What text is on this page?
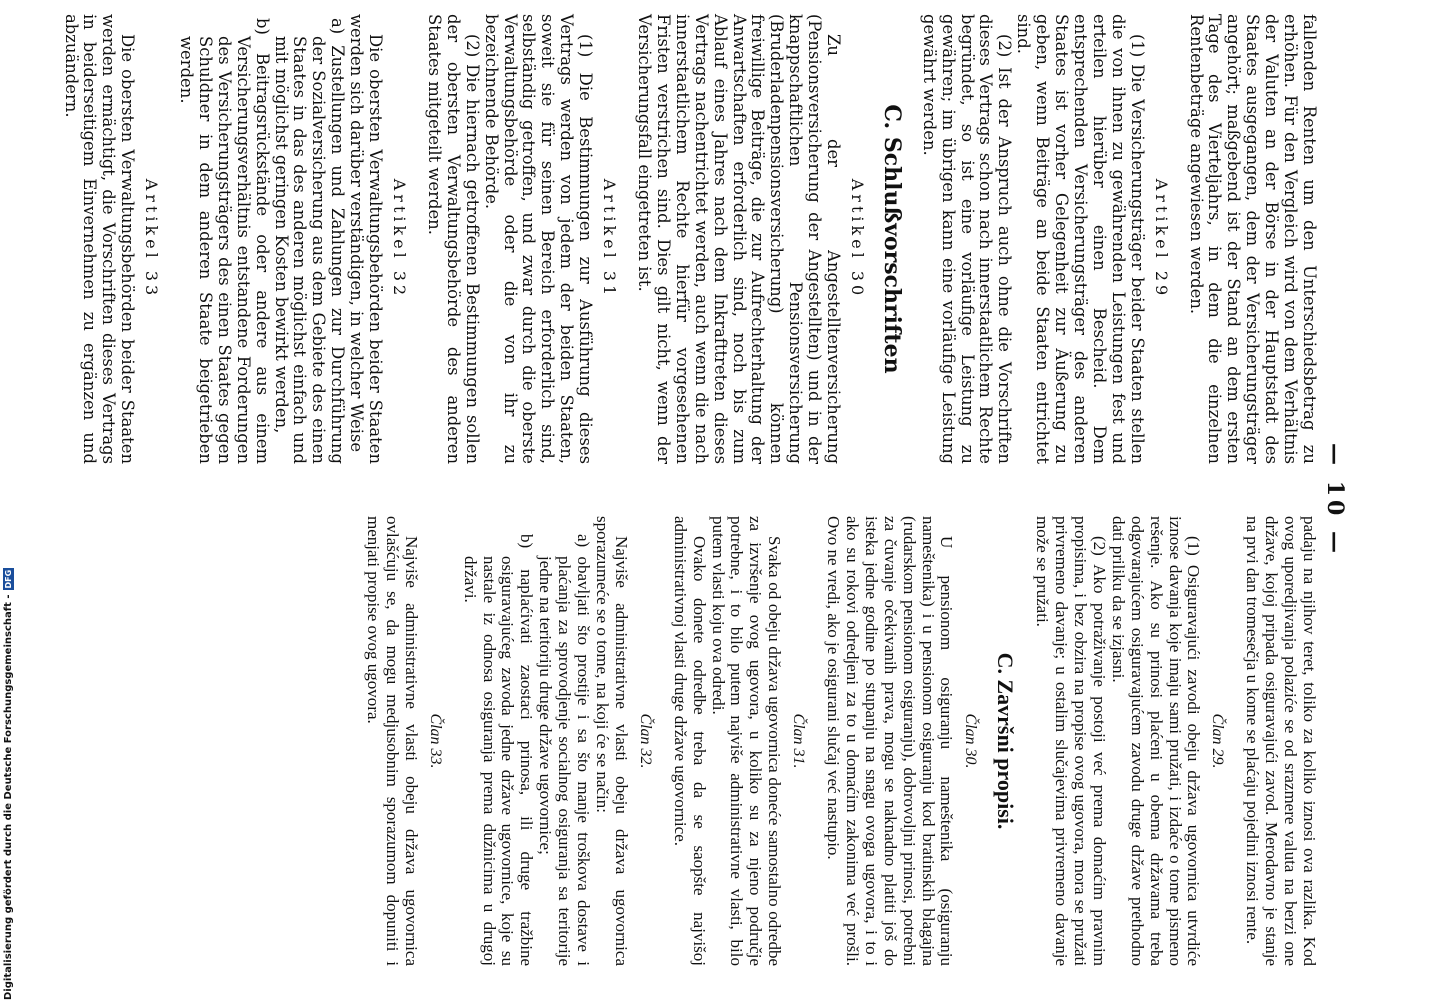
— 10 —

fallenden Renten um den Unterschiedsbetrag zu erhöhen. Für den Vergleich wird von dem Verhältnis der Valuten an der Börse in der Hauptstadt des Staates ausgegangen, dem der Versicherungsträger angehört; maßgebend ist der Stand an dem ersten Tage des Vierteljahrs, in dem die einzelnen Rentenbeträge angewiesen werden.

Artikel 29

(1) Die Versicherungsträger beider Staaten stellen die von ihnen zu gewährenden Leistungen fest und erteilen hierüber einen Bescheid. Dem entsprechenden Versicherungsträger des anderen Staates ist vorher Gelegenheit zur Äußerung zu geben, wenn Beiträge an beide Staaten entrichtet sind.

(2) Ist der Anspruch auch ohne die Vorschriften dieses Vertrags schon nach innerstaatlichem Rechte begründet, so ist eine vorläufige Leistung zu gewähren; im übrigen kann eine vorläufige Leistung gewährt werden.

C. Schlußvorschriften
Artikel 30

Zu der Angestelltenversicherung (Pensionsversicherung der Angestellten) und in der knappschaftlichen Pensionsversicherung (Bruderladenpensionsversicherung) können freiwillige Beiträge, die zur Aufrechterhaltung der Anwartschaften erforderlich sind, noch bis zum Ablauf eines Jahres nach dem Inkrafttreten dieses Vertrags nachentrichtet werden, auch wenn die nach innerstaatlichem Rechte hierfür vorgesehenen Fristen verstrichen sind. Dies gilt nicht, wenn der Versicherungsfall eingetreten ist.

Artikel 31

(1) Die Bestimmungen zur Ausführung dieses Vertrags werden von jedem der beiden Staaten, soweit sie für seinen Bereich erforderlich sind, selbständig getroffen, und zwar durch die oberste Verwaltungsbehörde oder die von ihr zu bezeichnende Behörde.

(2) Die hiernach getroffenen Bestimmungen sollen der obersten Verwaltungsbehörde des anderen Staates mitgeteilt werden.

Artikel 32

Die obersten Verwaltungsbehörden beider Staaten werden sich darüber verständigen, in welcher Weise

a) Zustellungen und Zahlungen zur Durchführung der Sozialversicherung aus dem Gebiete des einen Staates in das des anderen möglichst einfach und mit möglichst geringen Kosten bewirkt werden,

b) Beitragsrückstände oder andere aus einem Versicherungsverhältnis entstandene Forderungen des Versicherungsträgers des einen Staates gegen Schuldner in dem anderen Staate beigetrieben werden.

Artikel 33

Die obersten Verwaltungsbehörden beider Staaten werden ermächtigt, die Vorschriften dieses Vertrags in beiderseitigem Einvernehmen zu ergänzen und abzuändern.

padaju na njihov teret, toliko za koliko iznosi ova razlika. Kod ovog uporedjivanja polaziće se od srazmere valuta na berzi one države, kojoj pripada osiguravajući zavod. Merodavno je stanje na prvi dan tromesečja u kome se plaćaju pojedini iznosi rente.

Član 29.

(1) Osiguravajući zavodi obeju država ugovornica utvrdiće iznose davanja koje imaju sami pružati, i izdaće o tome pismeno rešenje. Ako su prinosi plaćeni u obema državama treba odgovarajućem osiguravajućem zavodu druge države prethodno dati priliku da se izjasni.

(2) Ako potraživanje postoji već prema domaćim pravnim propisima, i bez obzira na propise ovog ugovora, mora se pružati privremeno davanje; u ostalim slučajevima privremeno davanje može se pružati.

C. Završni propisi.
Član 30.

U pensionom osiguranju nameštenika (osiguranju nameštenika) i u pensionom osiguranju kod bratinskih blagajna (rudarskom pensionom osiguranju), dobrovoljni prinosi, potrebni za čuvanje očekivanih prava, mogu se naknadno platiti još do isteka jedne godine po stupanju na snagu ovoga ugovora, i to i ako su rokovi odredjeni za to u domaćim zakonima već prošli. Ovo ne vredi, ako je osigurani slučaj već nastupio.

Član 31.

Svaka od obeju država ugovornica doneće samostalno odredbe za izvršenje ovog ugovora, u koliko su za njeno područje potrebne, i to bilo putem najviše administrativne vlasti, bilo putem vlasti koju ova odredi.

Ovako donete odredbe treba da se saopšte najvišoj administrativnoj vlasti druge države ugovornice.

Član 32.

Najviše administrativne vlasti obeju država ugovornica sporazumeće se o tome, na koji će se način:

a) obavljati što prostije i sa što manje troškova dostave i plaćanja za sprovodjenje socialnog osiguranja sa teritorije jedne na teritoriju druge države ugovornice;

b) naplaćivati zaostaci prinosa, ili druge tražbine osiguravajućeg zavoda jedne države ugovornice, koje su nastale iz odnosa osiguranja prema dužnicima u drugoj državi.

Član 33.

Najviše administrativne vlasti obeju država ugovornica ovlašćuju se, da mogu medjusobnim sporazumom dopuniti i menjati propise ovog ugovora.

Digitalisierung gefördert durch die Deutsche Forschungsgemeinschaft -
DFG
